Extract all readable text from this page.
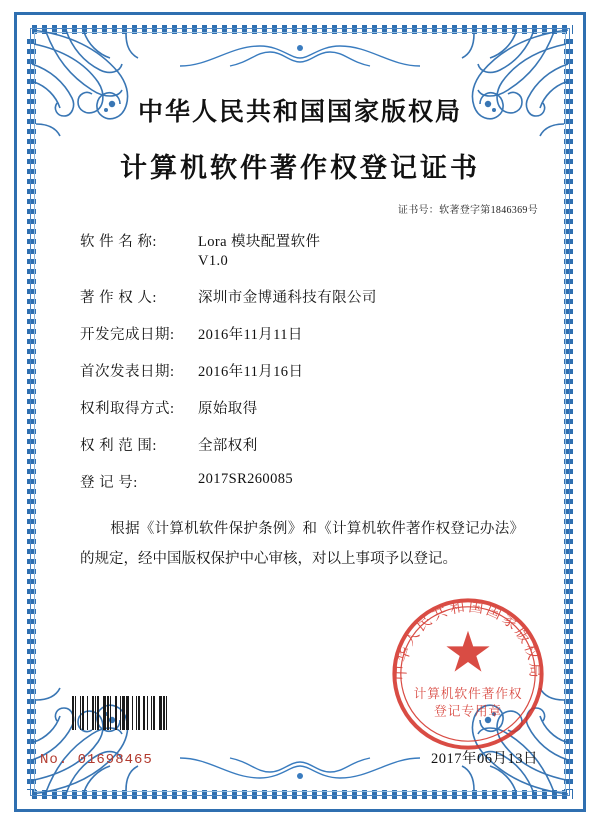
中华人民共和国国家版权局
计算机软件著作权登记证书
证书号：软著登字第1846369号
软 件 名 称:	Lora 模块配置软件
V1.0
著 作 权 人:	深圳市金博通科技有限公司
开发完成日期:	2016年11月11日
首次发表日期:	2016年11月16日
权利取得方式:	原始取得
权 利 范 围:	全部权利
登 记 号:	2017SR260085
根据《计算机软件保护条例》和《计算机软件著作权登记办法》的规定，经中国版权保护中心审核，对以上事项予以登记。
No. 01698465	2017年06月13日
中华人民共和国国家版权局
计算机软件著作权
登记专用章
